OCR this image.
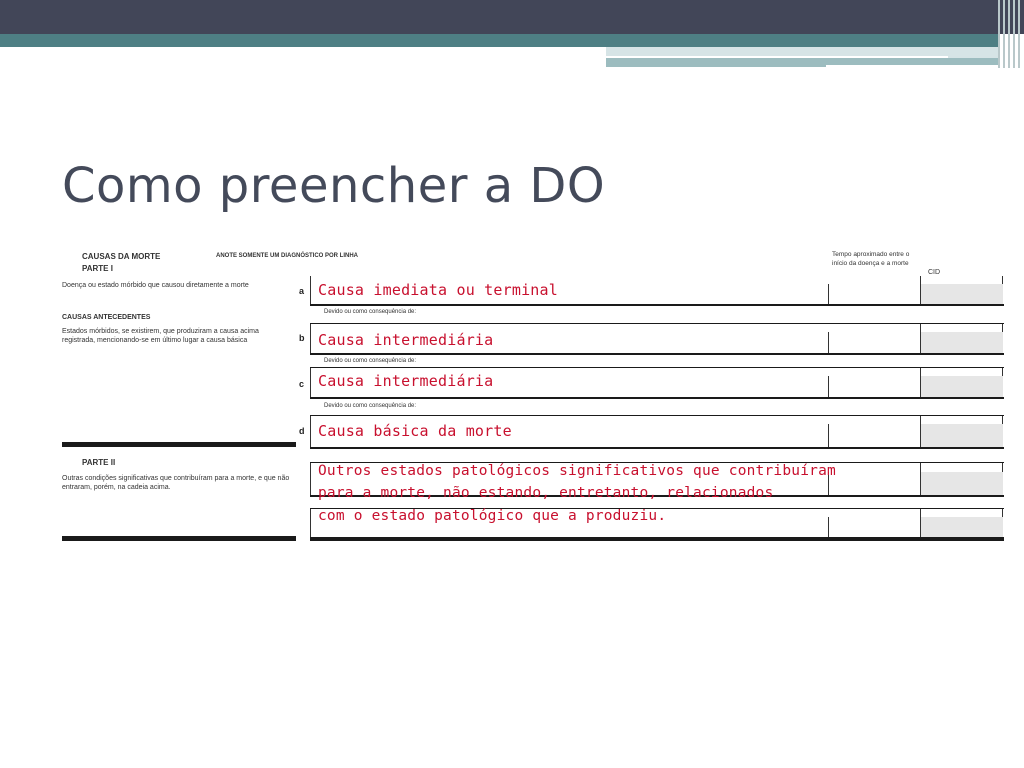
Como preencher a DO
CAUSAS DA MORTE
PARTE I
Doença ou estado mórbido que causou diretamente a morte
CAUSAS ANTECEDENTES
Estados mórbidos, se existirem, que produziram a causa acima registrada, mencionando-se em último lugar a causa básica
PARTE II
Outras condições significativas que contribuíram para a morte, e que não entraram, porém, na cadeia acima.
ANOTE SOMENTE UM DIAGNÓSTICO POR LINHA	Tempo aproximado entre o início da doença e a morte
CID
a
b
c
d
Causa imediata ou terminal
Devido ou como consequência de:
Causa intermediária
Devido ou como consequência de:
Causa intermediária
Devido ou como consequência de:
Causa básica da morte
Outros estados patológicos significativos que contribuíram
para a morte, não estando, entretanto, relacionados
com o estado patológico que a produziu.
